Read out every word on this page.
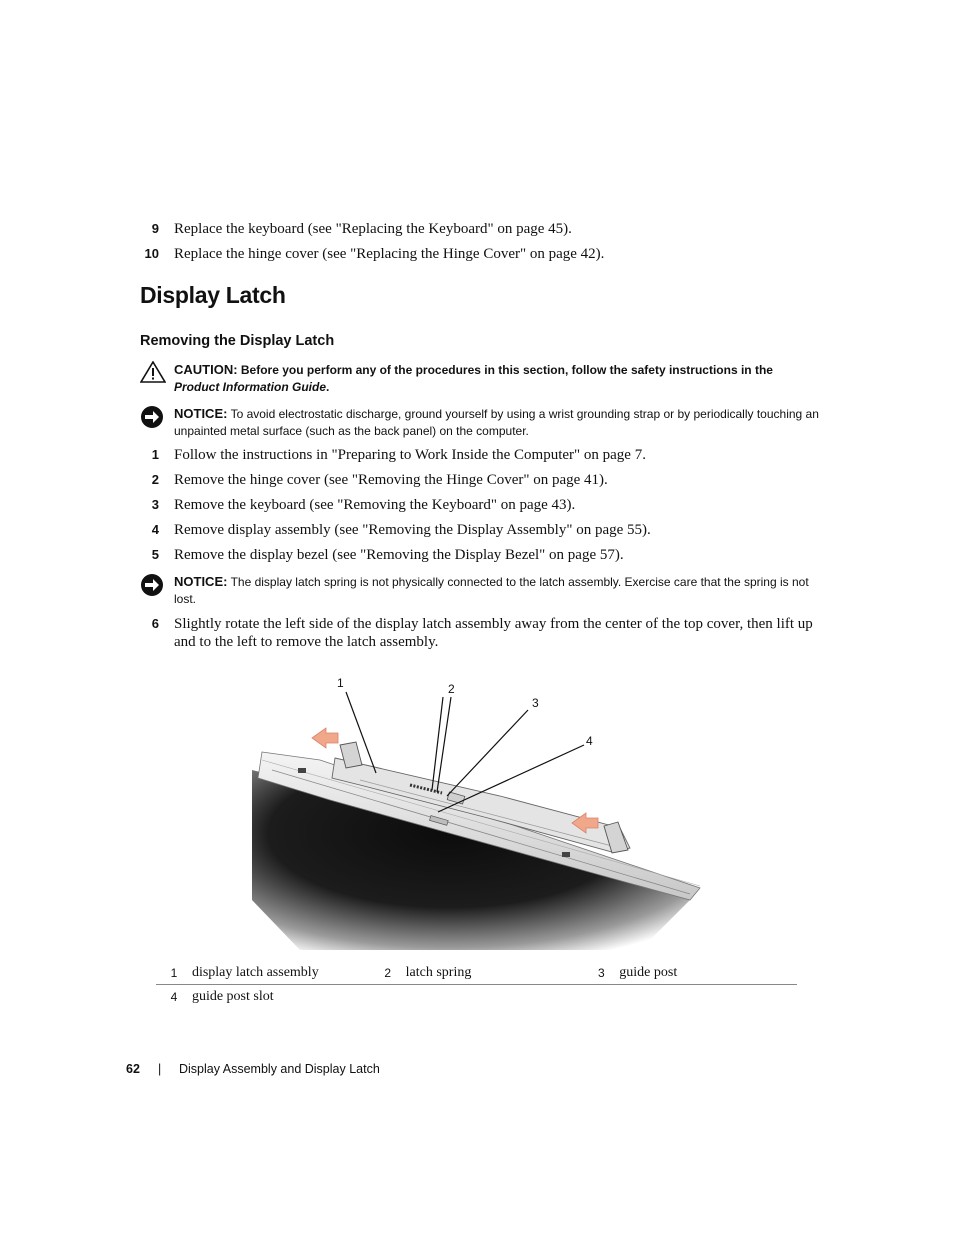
9 Replace the keyboard (see "Replacing the Keyboard" on page 45).
10 Replace the hinge cover (see "Replacing the Hinge Cover" on page 42).
Display Latch
Removing the Display Latch
CAUTION: Before you perform any of the procedures in this section, follow the safety instructions in the Product Information Guide.
NOTICE: To avoid electrostatic discharge, ground yourself by using a wrist grounding strap or by periodically touching an unpainted metal surface (such as the back panel) on the computer.
1 Follow the instructions in "Preparing to Work Inside the Computer" on page 7.
2 Remove the hinge cover (see "Removing the Hinge Cover" on page 41).
3 Remove the keyboard (see "Removing the Keyboard" on page 43).
4 Remove display assembly (see "Removing the Display Assembly" on page 55).
5 Remove the display bezel (see "Removing the Display Bezel" on page 57).
NOTICE: The display latch spring is not physically connected to the latch assembly. Exercise care that the spring is not lost.
6 Slightly rotate the left side of the display latch assembly away from the center of the top cover, then lift up and to the left to remove the latch assembly.
1	2
3
4
1	display latch assembly	2	latch spring	3	guide post
4	guide post slot				
62 | Display Assembly and Display Latch
